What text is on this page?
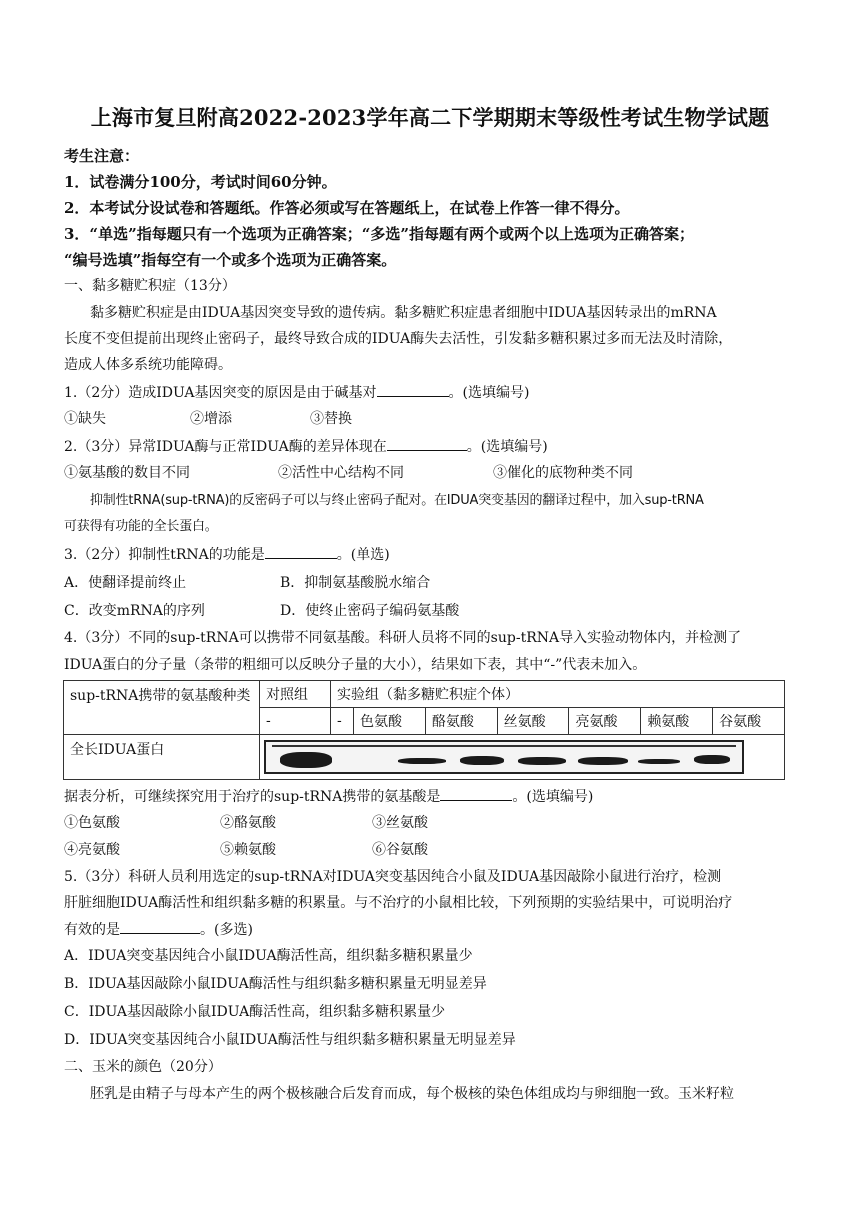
上海市复旦附高2022-2023学年高二下学期期末等级性考试生物学试题
考生注意：
1．试卷满分100分，考试时间60分钟。
2．本考试分设试卷和答题纸。作答必须或写在答题纸上，在试卷上作答一律不得分。
3．“单选”指每题只有一个选项为正确答案；“多选”指每题有两个或两个以上选项为正确答案；
“编号选填”指每空有一个或多个选项为正确答案。
一、黏多糖贮积症（13分）
黏多糖贮积症是由IDUA基因突变导致的遗传病。黏多糖贮积症患者细胞中IDUA基因转录出的mRNA
长度不变但提前出现终止密码子，最终导致合成的IDUA酶失去活性，引发黏多糖积累过多而无法及时清除，
造成人体多系统功能障碍。
1.（2分）造成IDUA基因突变的原因是由于碱基对	。(选填编号)
①缺失	②增添	③替换
2.（3分）异常IDUA酶与正常IDUA酶的差异体现在	。(选填编号)
①氨基酸的数目不同	②活性中心结构不同	③催化的底物种类不同
抑制性tRNA(sup-tRNA)的反密码子可以与终止密码子配对。在IDUA突变基因的翻译过程中，加入sup-tRNA
可获得有功能的全长蛋白。
3.（2分）抑制性tRNA的功能是	。(单选)
A．使翻译提前终止	B．抑制氨基酸脱水缩合
C．改变mRNA的序列	D．使终止密码子编码氨基酸
4.（3分）不同的sup-tRNA可以携带不同氨基酸。科研人员将不同的sup-tRNA导入实验动物体内，并检测了
IDUA蛋白的分子量（条带的粗细可以反映分子量的大小），结果如下表，其中“-”代表未加入。
sup-tRNA携带的氨基酸种类	对照组	实验组（黏多糖贮积症个体）						
	-	-	色氨酸	酪氨酸	丝氨酸	亮氨酸	赖氨酸	谷氨酸
全长IDUA蛋白								
据表分析，可继续探究用于治疗的sup-tRNA携带的氨基酸是	。(选填编号)
①色氨酸	②酪氨酸	③丝氨酸
④亮氨酸	⑤赖氨酸	⑥谷氨酸
5.（3分）科研人员利用选定的sup-tRNA对IDUA突变基因纯合小鼠及IDUA基因敲除小鼠进行治疗，检测
肝脏细胞IDUA酶活性和组织黏多糖的积累量。与不治疗的小鼠相比较，下列预期的实验结果中，可说明治疗
有效的是	。(多选)
A．IDUA突变基因纯合小鼠IDUA酶活性高，组织黏多糖积累量少
B．IDUA基因敲除小鼠IDUA酶活性与组织黏多糖积累量无明显差异
C．IDUA基因敲除小鼠IDUA酶活性高，组织黏多糖积累量少
D．IDUA突变基因纯合小鼠IDUA酶活性与组织黏多糖积累量无明显差异
二、玉米的颜色（20分）
胚乳是由精子与母本产生的两个极核融合后发育而成，每个极核的染色体组成均与卵细胞一致。玉米籽粒
